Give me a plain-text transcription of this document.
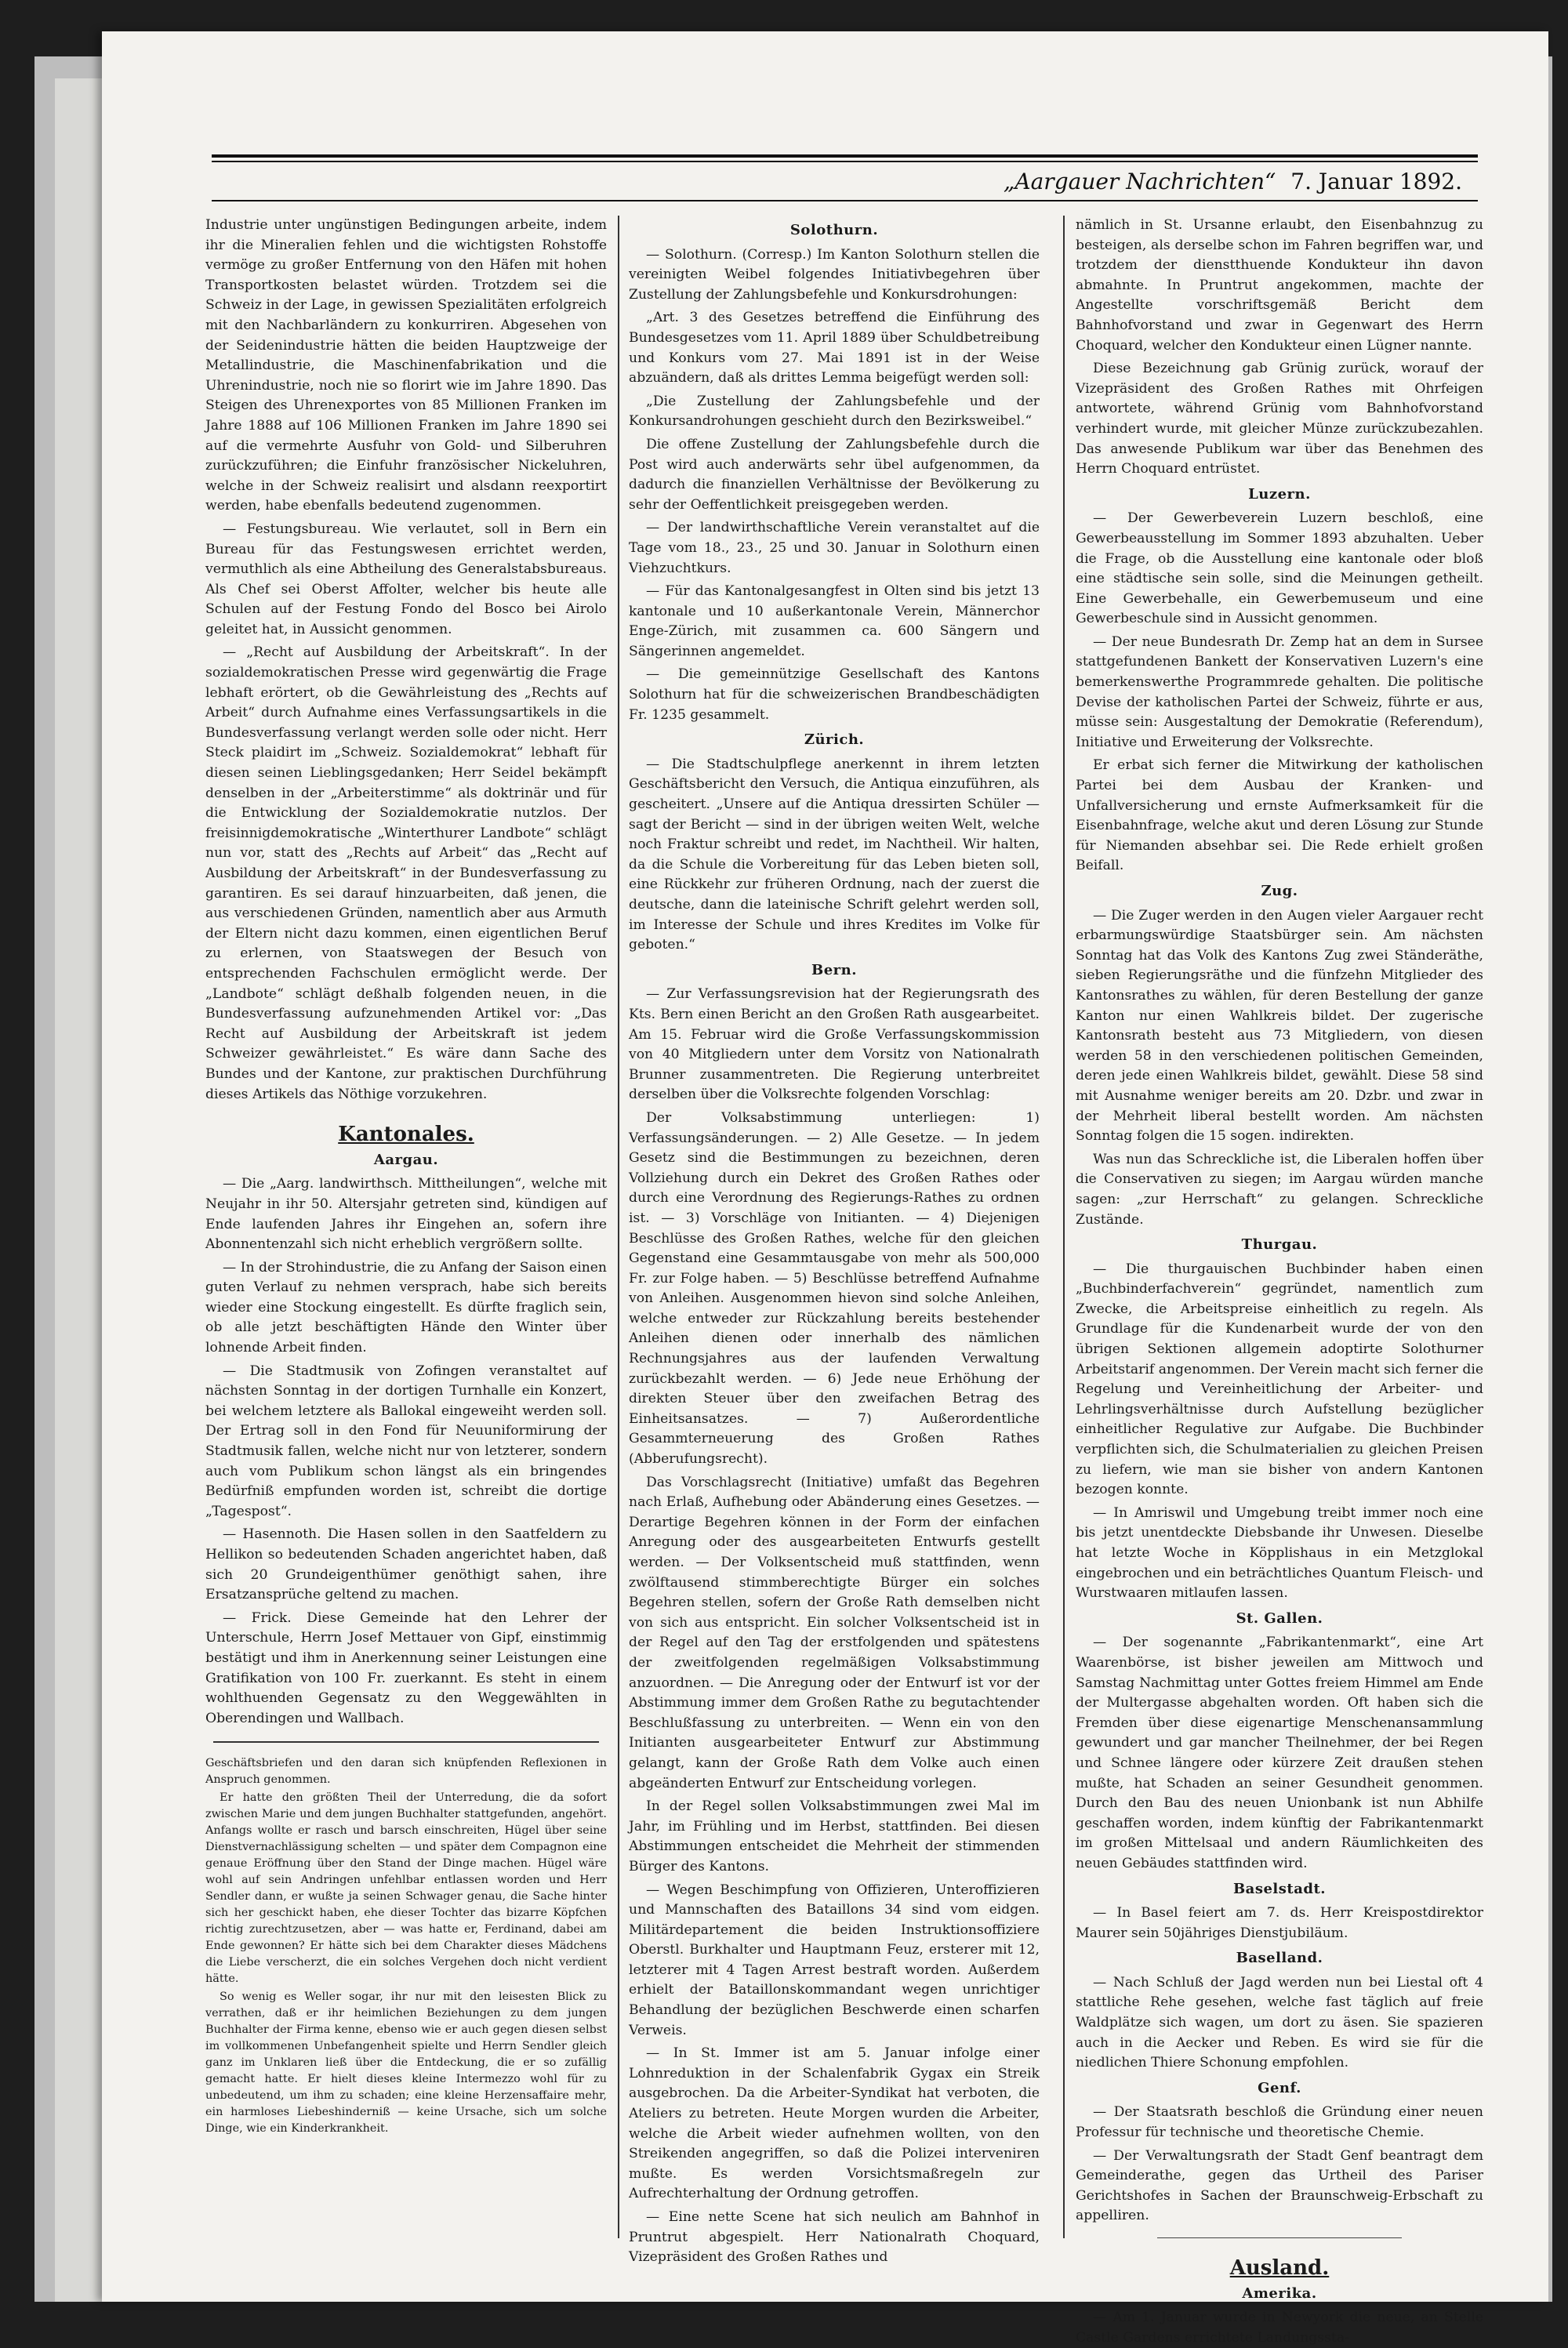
„Aargauer Nachrichten“ 7. Januar 1892.

Industrie unter ungünstigen Bedingungen arbeite, indem ihr die Mineralien fehlen und die wichtigsten Rohstoffe vermöge zu großer Entfernung von den Häfen mit hohen Transportkosten belastet würden. Trotzdem sei die Schweiz in der Lage, in gewissen Spezialitäten erfolgreich mit den Nachbarländern zu konkurriren. Abgesehen von der Seidenindustrie hätten die beiden Hauptzweige der Metallindustrie, die Maschinenfabrikation und die Uhrenindustrie, noch nie so florirt wie im Jahre 1890. Das Steigen des Uhrenexportes von 85 Millionen Franken im Jahre 1888 auf 106 Millionen Franken im Jahre 1890 sei auf die vermehrte Ausfuhr von Gold- und Silberuhren zurückzuführen; die Einfuhr französischer Nickeluhren, welche in der Schweiz realisirt und alsdann reexportirt werden, habe ebenfalls bedeutend zugenommen.

— Festungsbureau. Wie verlautet, soll in Bern ein Bureau für das Festungswesen errichtet werden, vermuthlich als eine Abtheilung des Generalstabsbureaus. Als Chef sei Oberst Affolter, welcher bis heute alle Schulen auf der Festung Fondo del Bosco bei Airolo geleitet hat, in Aussicht genommen.

— „Recht auf Ausbildung der Arbeitskraft“. In der sozialdemokratischen Presse wird gegenwärtig die Frage lebhaft erörtert, ob die Gewährleistung des „Rechts auf Arbeit“ durch Aufnahme eines Verfassungsartikels in die Bundesverfassung verlangt werden solle oder nicht. Herr Steck plaidirt im „Schweiz. Sozialdemokrat“ lebhaft für diesen seinen Lieblingsgedanken; Herr Seidel bekämpft denselben in der „Arbeiterstimme“ als doktrinär und für die Entwicklung der Sozialdemokratie nutzlos. Der freisinnigdemokratische „Winterthurer Landbote“ schlägt nun vor, statt des „Rechts auf Arbeit“ das „Recht auf Ausbildung der Arbeitskraft“ in der Bundesverfassung zu garantiren. Es sei darauf hinzuarbeiten, daß jenen, die aus verschiedenen Gründen, namentlich aber aus Armuth der Eltern nicht dazu kommen, einen eigentlichen Beruf zu erlernen, von Staatswegen der Besuch von entsprechenden Fachschulen ermöglicht werde. Der „Landbote“ schlägt deßhalb folgenden neuen, in die Bundesverfassung aufzunehmenden Artikel vor: „Das Recht auf Ausbildung der Arbeitskraft ist jedem Schweizer gewährleistet.“ Es wäre dann Sache des Bundes und der Kantone, zur praktischen Durchführung dieses Artikels das Nöthige vorzukehren.

Kantonales.
Aargau.

— Die „Aarg. landwirthsch. Mittheilungen“, welche mit Neujahr in ihr 50. Altersjahr getreten sind, kündigen auf Ende laufenden Jahres ihr Eingehen an, sofern ihre Abonnentenzahl sich nicht erheblich vergrößern sollte.

— In der Strohindustrie, die zu Anfang der Saison einen guten Verlauf zu nehmen versprach, habe sich bereits wieder eine Stockung eingestellt. Es dürfte fraglich sein, ob alle jetzt beschäftigten Hände den Winter über lohnende Arbeit finden.

— Die Stadtmusik von Zofingen veranstaltet auf nächsten Sonntag in der dortigen Turnhalle ein Konzert, bei welchem letztere als Ballokal eingeweiht werden soll. Der Ertrag soll in den Fond für Neuuniformirung der Stadtmusik fallen, welche nicht nur von letzterer, sondern auch vom Publikum schon längst als ein bringendes Bedürfniß empfunden worden ist, schreibt die dortige „Tagespost“.

— Hasennoth. Die Hasen sollen in den Saatfeldern zu Hellikon so bedeutenden Schaden angerichtet haben, daß sich 20 Grundeigenthümer genöthigt sahen, ihre Ersatzansprüche geltend zu machen.

— Frick. Diese Gemeinde hat den Lehrer der Unterschule, Herrn Josef Mettauer von Gipf, einstimmig bestätigt und ihm in Anerkennung seiner Leistungen eine Gratifikation von 100 Fr. zuerkannt. Es steht in einem wohlthuenden Gegensatz zu den Weggewählten in Oberendingen und Wallbach.

Geschäftsbriefen und den daran sich knüpfenden Reflexionen in Anspruch genommen.

Er hatte den größten Theil der Unterredung, die da sofort zwischen Marie und dem jungen Buchhalter stattgefunden, angehört. Anfangs wollte er rasch und barsch einschreiten, Hügel über seine Dienstvernachlässigung schelten — und später dem Compagnon eine genaue Eröffnung über den Stand der Dinge machen. Hügel wäre wohl auf sein Andringen unfehlbar entlassen worden und Herr Sendler dann, er wußte ja seinen Schwager genau, die Sache hinter sich her geschickt haben, ehe dieser Tochter das bizarre Köpfchen richtig zurechtzusetzen, aber — was hatte er, Ferdinand, dabei am Ende gewonnen? Er hätte sich bei dem Charakter dieses Mädchens die Liebe verscherzt, die ein solches Vergehen doch nicht verdient hätte.

So wenig es Weller sogar, ihr nur mit den leisesten Blick zu verrathen, daß er ihr heimlichen Beziehungen zu dem jungen Buchhalter der Firma kenne, ebenso wie er auch gegen diesen selbst im vollkommenen Unbefangenheit spielte und Herrn Sendler gleich ganz im Unklaren ließ über die Entdeckung, die er so zufällig gemacht hatte. Er hielt dieses kleine Intermezzo wohl für zu unbedeutend, um ihm zu schaden; eine kleine Herzensaffaire mehr, ein harmloses Liebeshinderniß — keine Ursache, sich um solche Dinge, wie ein Kinderkrankheit.

Solothurn.

— Solothurn. (Corresp.) Im Kanton Solothurn stellen die vereinigten Weibel folgendes Initiativbegehren über Zustellung der Zahlungsbefehle und Konkursdrohungen:

„Art. 3 des Gesetzes betreffend die Einführung des Bundesgesetzes vom 11. April 1889 über Schuldbetreibung und Konkurs vom 27. Mai 1891 ist in der Weise abzuändern, daß als drittes Lemma beigefügt werden soll:

„Die Zustellung der Zahlungsbefehle und der Konkursandrohungen geschieht durch den Bezirksweibel.“

Die offene Zustellung der Zahlungsbefehle durch die Post wird auch anderwärts sehr übel aufgenommen, da dadurch die finanziellen Verhältnisse der Bevölkerung zu sehr der Oeffentlichkeit preisgegeben werden.

— Der landwirthschaftliche Verein veranstaltet auf die Tage vom 18., 23., 25 und 30. Januar in Solothurn einen Viehzuchtkurs.

— Für das Kantonalgesangfest in Olten sind bis jetzt 13 kantonale und 10 außerkantonale Verein, Männerchor Enge-Zürich, mit zusammen ca. 600 Sängern und Sängerinnen angemeldet.

— Die gemeinnützige Gesellschaft des Kantons Solothurn hat für die schweizerischen Brandbeschädigten Fr. 1235 gesammelt.

Zürich.

— Die Stadtschulpflege anerkennt in ihrem letzten Geschäftsbericht den Versuch, die Antiqua einzuführen, als gescheitert. „Unsere auf die Antiqua dressirten Schüler — sagt der Bericht — sind in der übrigen weiten Welt, welche noch Fraktur schreibt und redet, im Nachtheil. Wir halten, da die Schule die Vorbereitung für das Leben bieten soll, eine Rückkehr zur früheren Ordnung, nach der zuerst die deutsche, dann die lateinische Schrift gelehrt werden soll, im Interesse der Schule und ihres Kredites im Volke für geboten.“

Bern.

— Zur Verfassungsrevision hat der Regierungsrath des Kts. Bern einen Bericht an den Großen Rath ausgearbeitet. Am 15. Februar wird die Große Verfassungskommission von 40 Mitgliedern unter dem Vorsitz von Nationalrath Brunner zusammentreten. Die Regierung unterbreitet derselben über die Volksrechte folgenden Vorschlag:

Der Volksabstimmung unterliegen: 1) Verfassungsänderungen. — 2) Alle Gesetze. — In jedem Gesetz sind die Bestimmungen zu bezeichnen, deren Vollziehung durch ein Dekret des Großen Rathes oder durch eine Verordnung des Regierungs-Rathes zu ordnen ist. — 3) Vorschläge von Initianten. — 4) Diejenigen Beschlüsse des Großen Rathes, welche für den gleichen Gegenstand eine Gesammtausgabe von mehr als 500,000 Fr. zur Folge haben. — 5) Beschlüsse betreffend Aufnahme von Anleihen. Ausgenommen hievon sind solche Anleihen, welche entweder zur Rückzahlung bereits bestehender Anleihen dienen oder innerhalb des nämlichen Rechnungsjahres aus der laufenden Verwaltung zurückbezahlt werden. — 6) Jede neue Erhöhung der direkten Steuer über den zweifachen Betrag des Einheitsansatzes. — 7) Außerordentliche Gesammterneuerung des Großen Rathes (Abberufungsrecht).

Das Vorschlagsrecht (Initiative) umfaßt das Begehren nach Erlaß, Aufhebung oder Abänderung eines Gesetzes. — Derartige Begehren können in der Form der einfachen Anregung oder des ausgearbeiteten Entwurfs gestellt werden. — Der Volksentscheid muß stattfinden, wenn zwölftausend stimmberechtigte Bürger ein solches Begehren stellen, sofern der Große Rath demselben nicht von sich aus entspricht. Ein solcher Volksentscheid ist in der Regel auf den Tag der erstfolgenden und spätestens der zweitfolgenden regelmäßigen Volksabstimmung anzuordnen. — Die Anregung oder der Entwurf ist vor der Abstimmung immer dem Großen Rathe zu begutachtender Beschlußfassung zu unterbreiten. — Wenn ein von den Initianten ausgearbeiteter Entwurf zur Abstimmung gelangt, kann der Große Rath dem Volke auch einen abgeänderten Entwurf zur Entscheidung vorlegen.

In der Regel sollen Volksabstimmungen zwei Mal im Jahr, im Frühling und im Herbst, stattfinden. Bei diesen Abstimmungen entscheidet die Mehrheit der stimmenden Bürger des Kantons.

— Wegen Beschimpfung von Offizieren, Unteroffizieren und Mannschaften des Bataillons 34 sind vom eidgen. Militärdepartement die beiden Instruktionsoffiziere Oberstl. Burkhalter und Hauptmann Feuz, ersterer mit 12, letzterer mit 4 Tagen Arrest bestraft worden. Außerdem erhielt der Bataillonskommandant wegen unrichtiger Behandlung der bezüglichen Beschwerde einen scharfen Verweis.

— In St. Immer ist am 5. Januar infolge einer Lohnreduktion in der Schalenfabrik Gygax ein Streik ausgebrochen. Da die Arbeiter-Syndikat hat verboten, die Ateliers zu betreten. Heute Morgen wurden die Arbeiter, welche die Arbeit wieder aufnehmen wollten, von den Streikenden angegriffen, so daß die Polizei interveniren mußte. Es werden Vorsichtsmaßregeln zur Aufrechterhaltung der Ordnung getroffen.

— Eine nette Scene hat sich neulich am Bahnhof in Pruntrut abgespielt. Herr Nationalrath Choquard, Vizepräsident des Großen Rathes und

nämlich in St. Ursanne erlaubt, den Eisenbahnzug zu besteigen, als derselbe schon im Fahren begriffen war, und trotzdem der dienstthuende Kondukteur ihn davon abmahnte. In Pruntrut angekommen, machte der Angestellte vorschriftsgemäß Bericht dem Bahnhofvorstand und zwar in Gegenwart des Herrn Choquard, welcher den Kondukteur einen Lügner nannte.

Diese Bezeichnung gab Grünig zurück, worauf der Vizepräsident des Großen Rathes mit Ohrfeigen antwortete, während Grünig vom Bahnhofvorstand verhindert wurde, mit gleicher Münze zurückzubezahlen. Das anwesende Publikum war über das Benehmen des Herrn Choquard entrüstet.

Luzern.

— Der Gewerbeverein Luzern beschloß, eine Gewerbeausstellung im Sommer 1893 abzuhalten. Ueber die Frage, ob die Ausstellung eine kantonale oder bloß eine städtische sein solle, sind die Meinungen getheilt. Eine Gewerbehalle, ein Gewerbemuseum und eine Gewerbeschule sind in Aussicht genommen.

— Der neue Bundesrath Dr. Zemp hat an dem in Sursee stattgefundenen Bankett der Konservativen Luzern's eine bemerkenswerthe Programmrede gehalten. Die politische Devise der katholischen Partei der Schweiz, führte er aus, müsse sein: Ausgestaltung der Demokratie (Referendum), Initiative und Erweiterung der Volksrechte.

Er erbat sich ferner die Mitwirkung der katholischen Partei bei dem Ausbau der Kranken- und Unfallversicherung und ernste Aufmerksamkeit für die Eisenbahnfrage, welche akut und deren Lösung zur Stunde für Niemanden absehbar sei. Die Rede erhielt großen Beifall.

Zug.

— Die Zuger werden in den Augen vieler Aargauer recht erbarmungswürdige Staatsbürger sein. Am nächsten Sonntag hat das Volk des Kantons Zug zwei Ständeräthe, sieben Regierungsräthe und die fünfzehn Mitglieder des Kantonsrathes zu wählen, für deren Bestellung der ganze Kanton nur einen Wahlkreis bildet. Der zugerische Kantonsrath besteht aus 73 Mitgliedern, von diesen werden 58 in den verschiedenen politischen Gemeinden, deren jede einen Wahlkreis bildet, gewählt. Diese 58 sind mit Ausnahme weniger bereits am 20. Dzbr. und zwar in der Mehrheit liberal bestellt worden. Am nächsten Sonntag folgen die 15 sogen. indirekten.

Was nun das Schreckliche ist, die Liberalen hoffen über die Conservativen zu siegen; im Aargau würden manche sagen: „zur Herrschaft“ zu gelangen. Schreckliche Zustände.

Thurgau.

— Die thurgauischen Buchbinder haben einen „Buchbinderfachverein“ gegründet, namentlich zum Zwecke, die Arbeitspreise einheitlich zu regeln. Als Grundlage für die Kundenarbeit wurde der von den übrigen Sektionen allgemein adoptirte Solothurner Arbeitstarif angenommen. Der Verein macht sich ferner die Regelung und Vereinheitlichung der Arbeiter- und Lehrlingsverhältnisse durch Aufstellung bezüglicher einheitlicher Regulative zur Aufgabe. Die Buchbinder verpflichten sich, die Schulmaterialien zu gleichen Preisen zu liefern, wie man sie bisher von andern Kantonen bezogen konnte.

— In Amriswil und Umgebung treibt immer noch eine bis jetzt unentdeckte Diebsbande ihr Unwesen. Dieselbe hat letzte Woche in Köpplishaus in ein Metzglokal eingebrochen und ein beträchtliches Quantum Fleisch- und Wurstwaaren mitlaufen lassen.

St. Gallen.

— Der sogenannte „Fabrikantenmarkt“, eine Art Waarenbörse, ist bisher jeweilen am Mittwoch und Samstag Nachmittag unter Gottes freiem Himmel am Ende der Multergasse abgehalten worden. Oft haben sich die Fremden über diese eigenartige Menschenansammlung gewundert und gar mancher Theilnehmer, der bei Regen und Schnee längere oder kürzere Zeit draußen stehen mußte, hat Schaden an seiner Gesundheit genommen. Durch den Bau des neuen Unionbank ist nun Abhilfe geschaffen worden, indem künftig der Fabrikantenmarkt im großen Mittelsaal und andern Räumlichkeiten des neuen Gebäudes stattfinden wird.

Baselstadt.

— In Basel feiert am 7. ds. Herr Kreispostdirektor Maurer sein 50jähriges Dienstjubiläum.

Baselland.

— Nach Schluß der Jagd werden nun bei Liestal oft 4 stattliche Rehe gesehen, welche fast täglich auf freie Waldplätze sich wagen, um dort zu äsen. Sie spazieren auch in die Aecker und Reben. Es wird sie für die niedlichen Thiere Schonung empfohlen.

Genf.

— Der Staatsrath beschloß die Gründung einer neuen Professur für technische und theoretische Chemie.

— Der Verwaltungsrath der Stadt Genf beantragt dem Gemeinderathe, gegen das Urtheil des Pariser Gerichtshofes in Sachen der Braunschweig-Erbschaft zu appelliren.

Ausland.
Amerika.

— Am 1. Januar wurde in Newyork die neue, an Stelle Castle Gardens errichtete Landungssta-
